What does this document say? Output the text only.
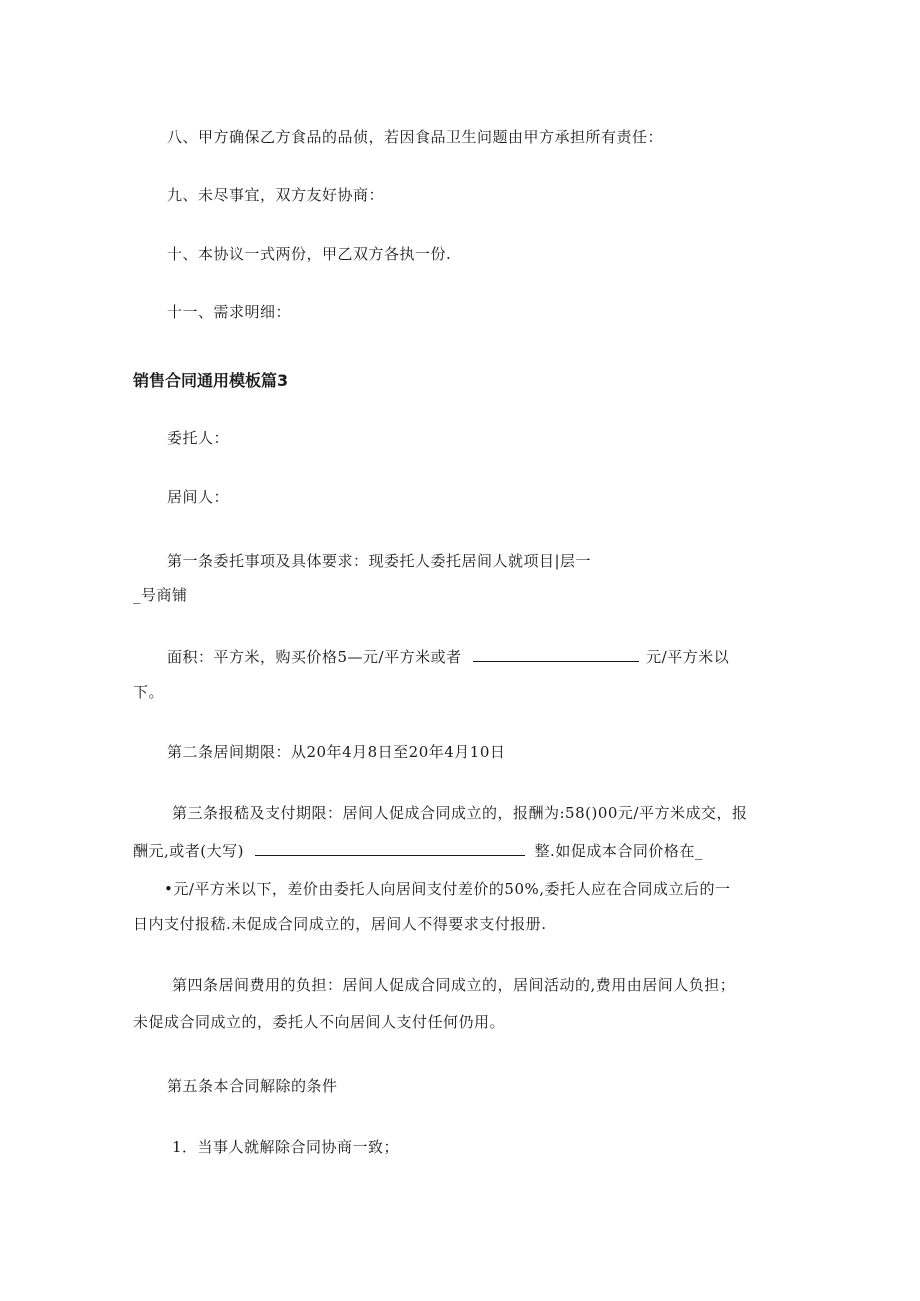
八、甲方确保乙方食品的品侦，若因食品卫生问题由甲方承担所有责任：
九、未尽事宜，双方友好协商：
十、本协议一式两份，甲乙双方各执一份.
十一、需求明细：
销售合同通用模板篇3
委托人：
居间人：
第一条委托事项及具体要求：现委托人委托居间人就项目|层一
_号商铺
面积：平方米，购买价格5—元/平方米或者	元/平方米以
下。
第二条居间期限：从20年4月8日至20年4月10日
第三条报嵇及支付期限：居间人促成合同成立的，报酬为:58()00元/平方米成交，报
酬元,或者(大写)	整.如促成本合同价格在_
•元/平方米以下，差价由委托人向居间支付差价的50%,委托人应在合同成立后的一
日内支付报嵇.未促成合同成立的，居间人不得要求支付报册.
第四条居间费用的负担：居间人促成合同成立的，居间活动的,费用由居间人负担；
未促成合同成立的，委托人不向居间人支付任何仍用。
第五条本合同解除的条件
1．当事人就解除合同协商一致；
